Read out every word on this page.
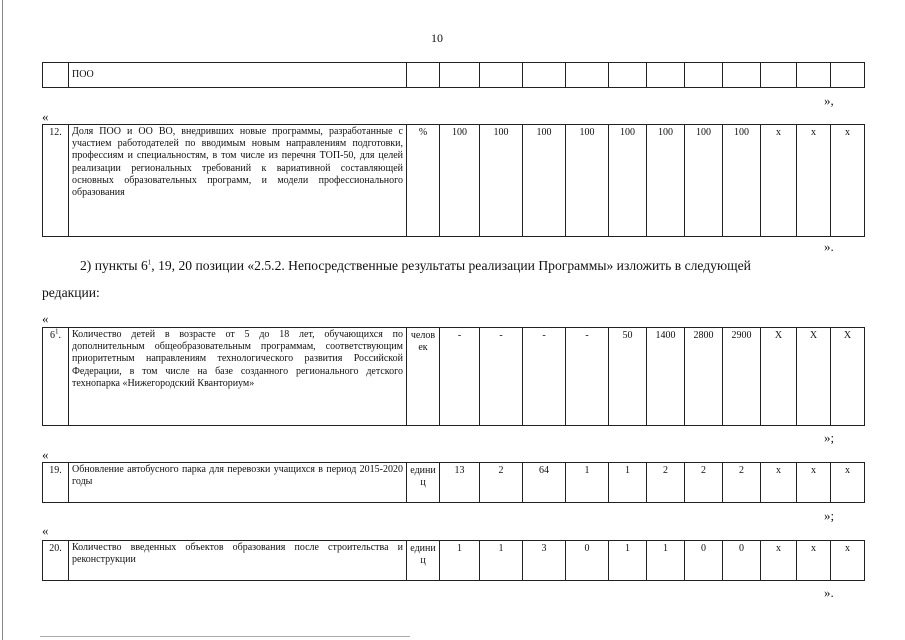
10
	ПОО												
»,
«
12.	Доля ПОО и ОО ВО, внедривших новые программы, разработанные с участием работодателей по вводимым новым направлениям подготовки, профессиям и специальностям, в том числе из перечня ТОП-50, для целей реализации региональных требований к вариативной составляющей основных образовательных программ, и модели профессионального образования	%	100	100	100	100	100	100	100	100	х	х	х
».
2) пункты $6^1$, 19, 20 позиции «2.5.2. Непосредственные результаты реализации Программы» изложить в следующей
редакции:
«
$6^1$.	Количество детей в возрасте от 5 до 18 лет, обучающихся по дополнительным общеобразовательным программам, соответствующим приоритетным направлениям технологического развития Российской Федерации, в том числе на базе созданного регионального детского технопарка «Нижегородский Кванториум»	человек	-	-	-	-	50	1400	2800	2900	Х	Х	Х
»;
«
19.	Обновление автобусного парка для перевозки учащихся в период 2015-2020 годы	единиц	13	2	64	1	1	2	2	2	х	х	х
»;
«
20.	Количество введенных объектов образования после строительства и реконструкции	единиц	1	1	3	0	1	1	0	0	х	х	х
».
